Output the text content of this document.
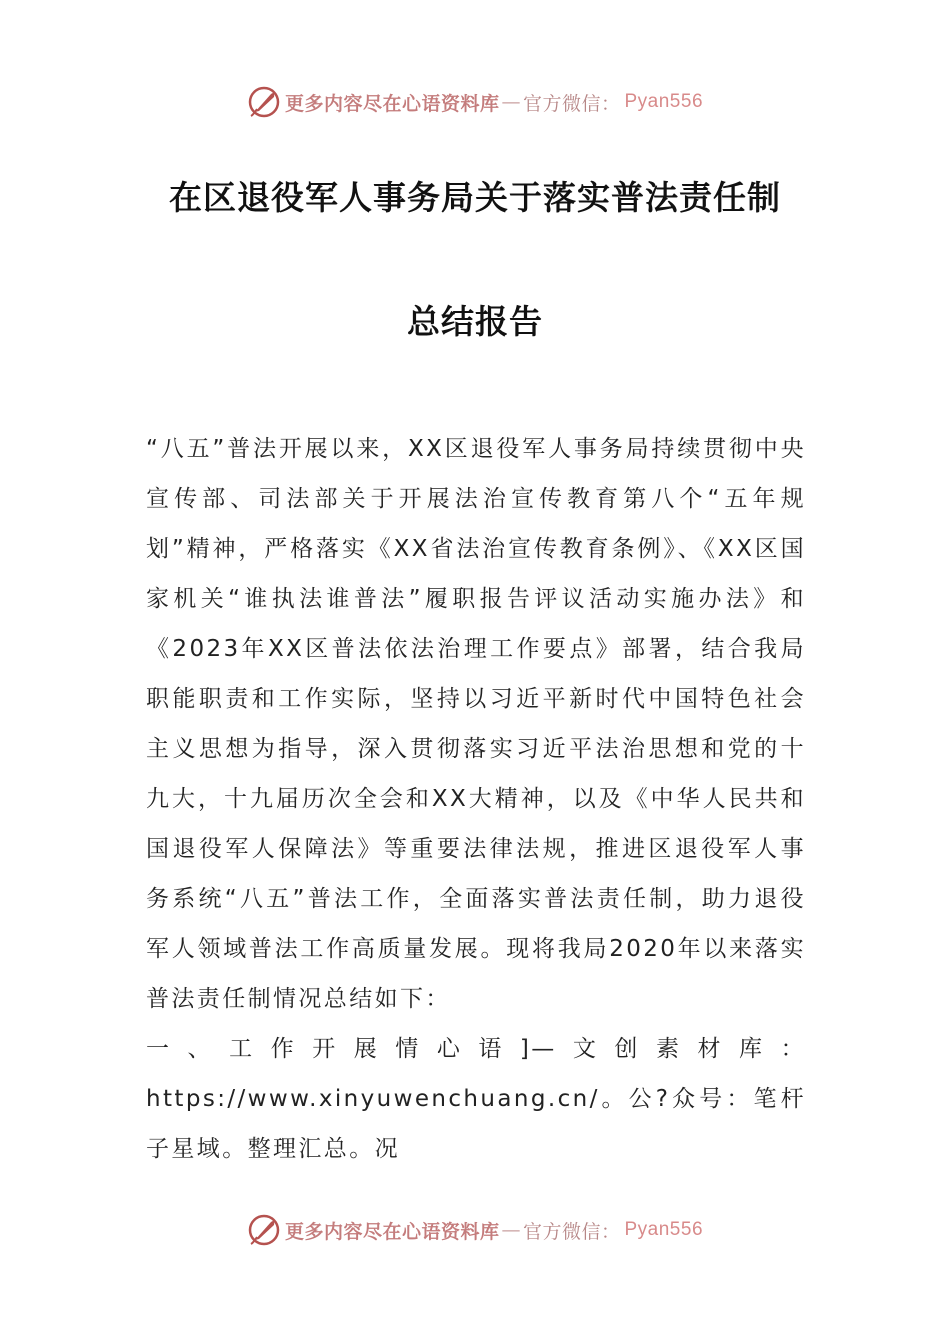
更多内容尽在心语资料库 — 官方微信： Pyan556
在区退役军人事务局关于落实普法责任制
总结报告

“八五”普法开展以来，XX区退役军人事务局持续贯彻中央宣传部、司法部关于开展法治宣传教育第八个“五年规划”精神，严格落实《XX省法治宣传教育条例》、《XX区国家机关“谁执法谁普法”履职报告评议活动实施办法》和《2023年XX区普法依法治理工作要点》部署，结合我局职能职责和工作实际，坚持以习近平新时代中国特色社会主义思想为指导，深入贯彻落实习近平法治思想和党的十九大，十九届历次全会和XX大精神，以及《中华人民共和国退役军人保障法》等重要法律法规，推进区退役军人事务系统“八五”普法工作，全面落实普法责任制，助力退役军人领域普法工作高质量发展。现将我局2020年以来落实普法责任制情况总结如下：

一、工作开展情心语]—文创素材库：https://www.xinyuwenchuang.cn/。公?众号：笔杆子星域。整理汇总。况

更多内容尽在心语资料库 — 官方微信： Pyan556
